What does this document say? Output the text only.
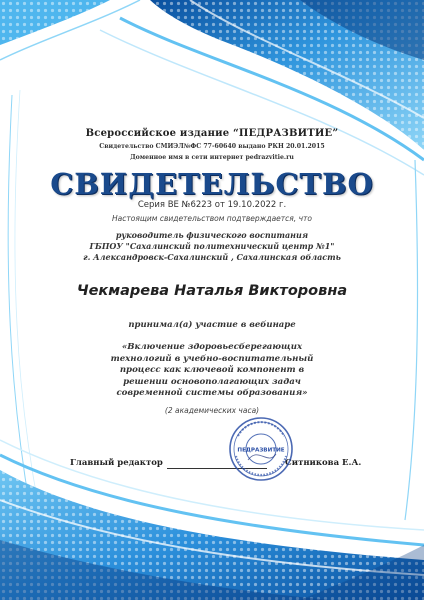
Всероссийское издание “ПЕДРАЗВИТИЕ”
Свидетельство СМИЭЛ№ФС 77-60640 выдано РКН 20.01.2015
Доменное имя в сети интернет pedrazvitie.ru
СВИДЕТЕЛЬСТВО
Серия ВЕ №6223 от 19.10.2022 г.
Настоящим свидетельством подтверждается, что
руководитель физического воспитания
ГБПОУ "Сахалинский политехнический центр №1"
г. Александровск-Сахалинский , Сахалинская область
Чекмарева Наталья Викторовна
принимал(а) участие в вебинаре
«Включение здоровьесберегающих технологий в учебно-воспитательный процесс как ключевой компонент в решении основополагающих задач современной системы образования»
(2 академических часа)
Главный редактор	Ситникова Е.А.
ПЕДРАЗВИТИЕ
